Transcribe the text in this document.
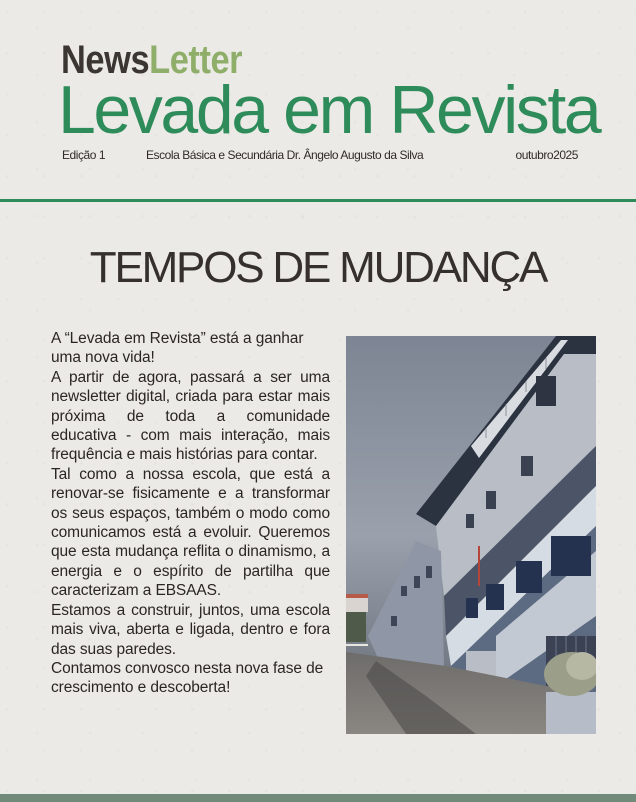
NewsLetter
Levada em Revista
Edição 1	Escola Básica e Secundária Dr. Ângelo Augusto da Silva	outubro2025
TEMPOS DE MUDANÇA

A “Levada em Revista” está a ganhar uma nova vida!

A partir de agora, passará a ser uma newsletter digital, criada para estar mais próxima de toda a comunidade educativa - com mais interação, mais frequência e mais histórias para contar.

Tal como a nossa escola, que está a renovar-se fisicamente e a transformar os seus espaços, também o modo como comunicamos está a evoluir. Queremos que esta mudança reflita o dinamismo, a energia e o espírito de partilha que caracterizam a EBSAAS.

Estamos a construir, juntos, uma escola mais viva, aberta e ligada, dentro e fora das suas paredes.

Contamos convosco nesta nova fase de crescimento e descoberta!
